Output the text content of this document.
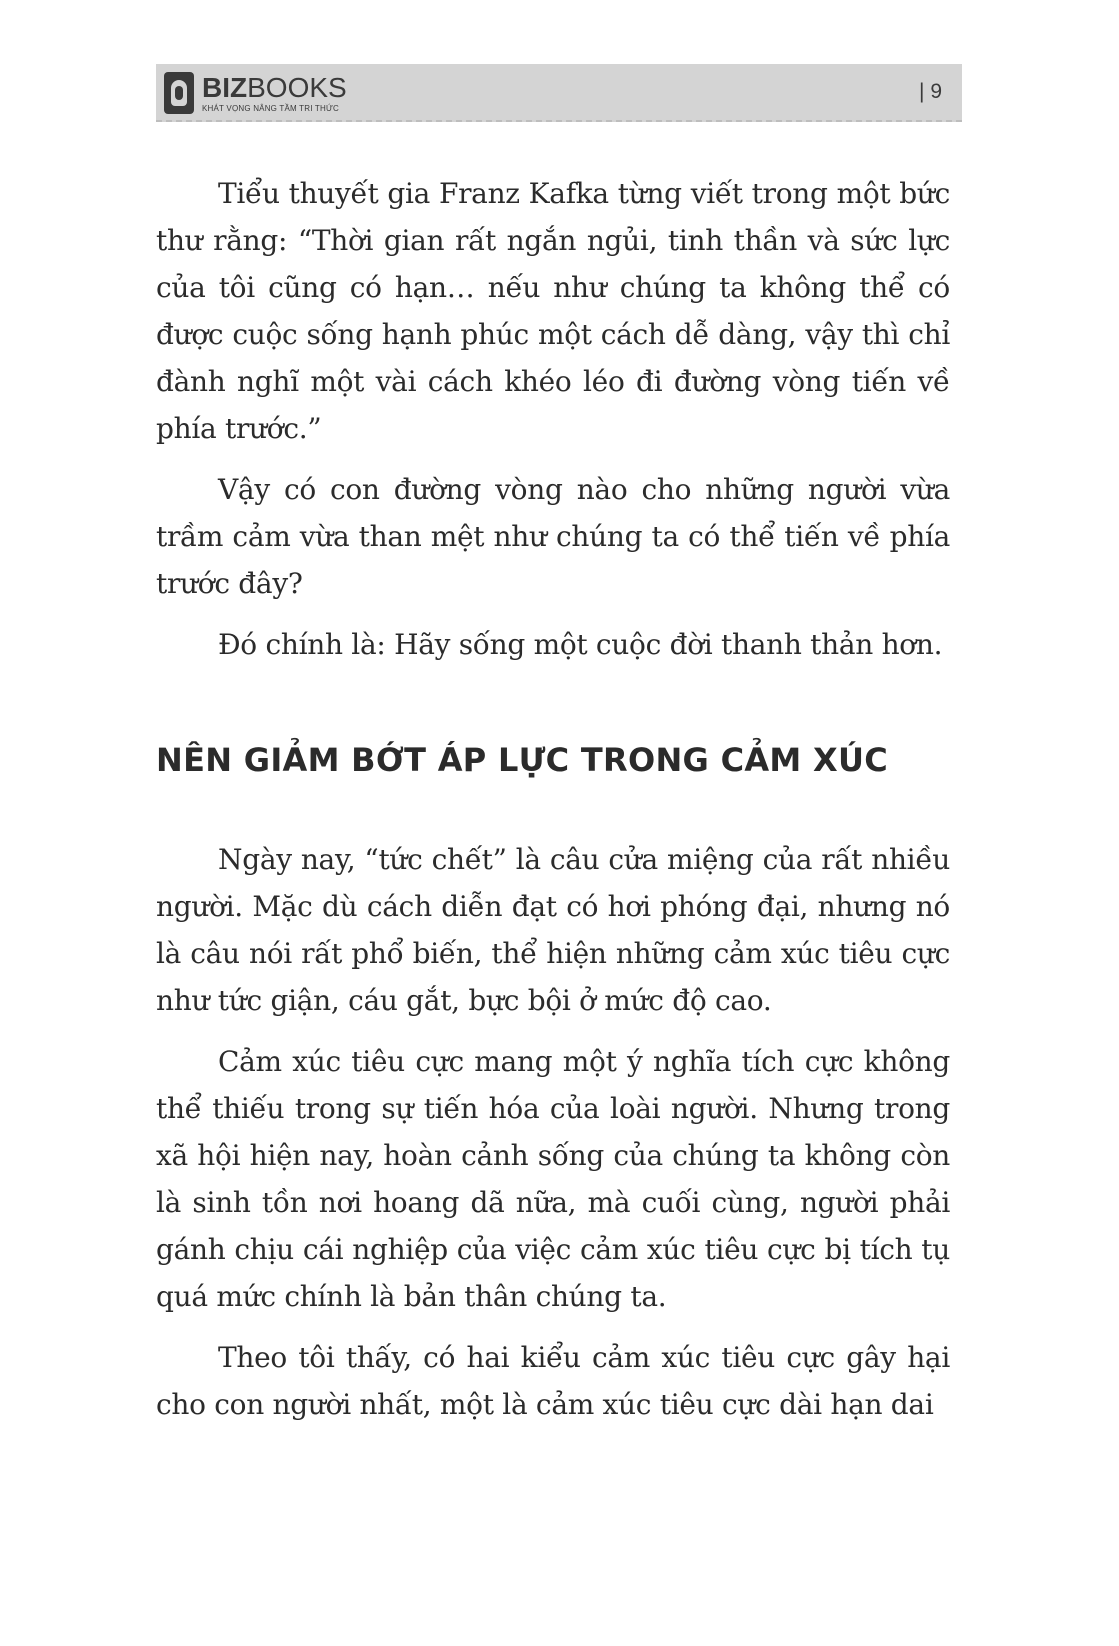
BIZBOOKS
KHÁT VỌNG NÂNG TẦM TRI THỨC
| 9

Tiểu thuyết gia Franz Kafka từng viết trong một bức thư rằng: “Thời gian rất ngắn ngủi, tinh thần và sức lực của tôi cũng có hạn… nếu như chúng ta không thể có được cuộc sống hạnh phúc một cách dễ dàng, vậy thì chỉ đành nghĩ một vài cách khéo léo đi đường vòng tiến về phía trước.”

Vậy có con đường vòng nào cho những người vừa trầm cảm vừa than mệt như chúng ta có thể tiến về phía trước đây?

Đó chính là: Hãy sống một cuộc đời thanh thản hơn.

NÊN GIẢM BỚT ÁP LỰC TRONG CẢM XÚC

Ngày nay, “tức chết” là câu cửa miệng của rất nhiều người. Mặc dù cách diễn đạt có hơi phóng đại, nhưng nó là câu nói rất phổ biến, thể hiện những cảm xúc tiêu cực như tức giận, cáu gắt, bực bội ở mức độ cao.

Cảm xúc tiêu cực mang một ý nghĩa tích cực không thể thiếu trong sự tiến hóa của loài người. Nhưng trong xã hội hiện nay, hoàn cảnh sống của chúng ta không còn là sinh tồn nơi hoang dã nữa, mà cuối cùng, người phải gánh chịu cái nghiệp của việc cảm xúc tiêu cực bị tích tụ quá mức chính là bản thân chúng ta.

Theo tôi thấy, có hai kiểu cảm xúc tiêu cực gây hại cho con người nhất, một là cảm xúc tiêu cực dài hạn dai
